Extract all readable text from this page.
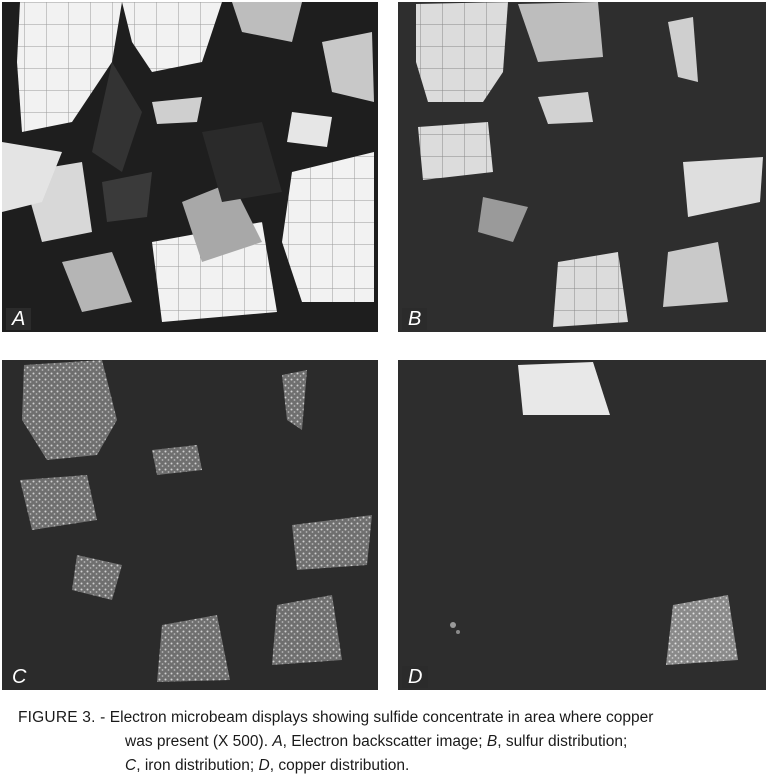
A	B
C	D
FIGURE 3. - Electron microbeam displays showing sulfide concentrate in area where copper
was present (X 500). A, Electron backscatter image; B, sulfur distribution;
C, iron distribution; D, copper distribution.
